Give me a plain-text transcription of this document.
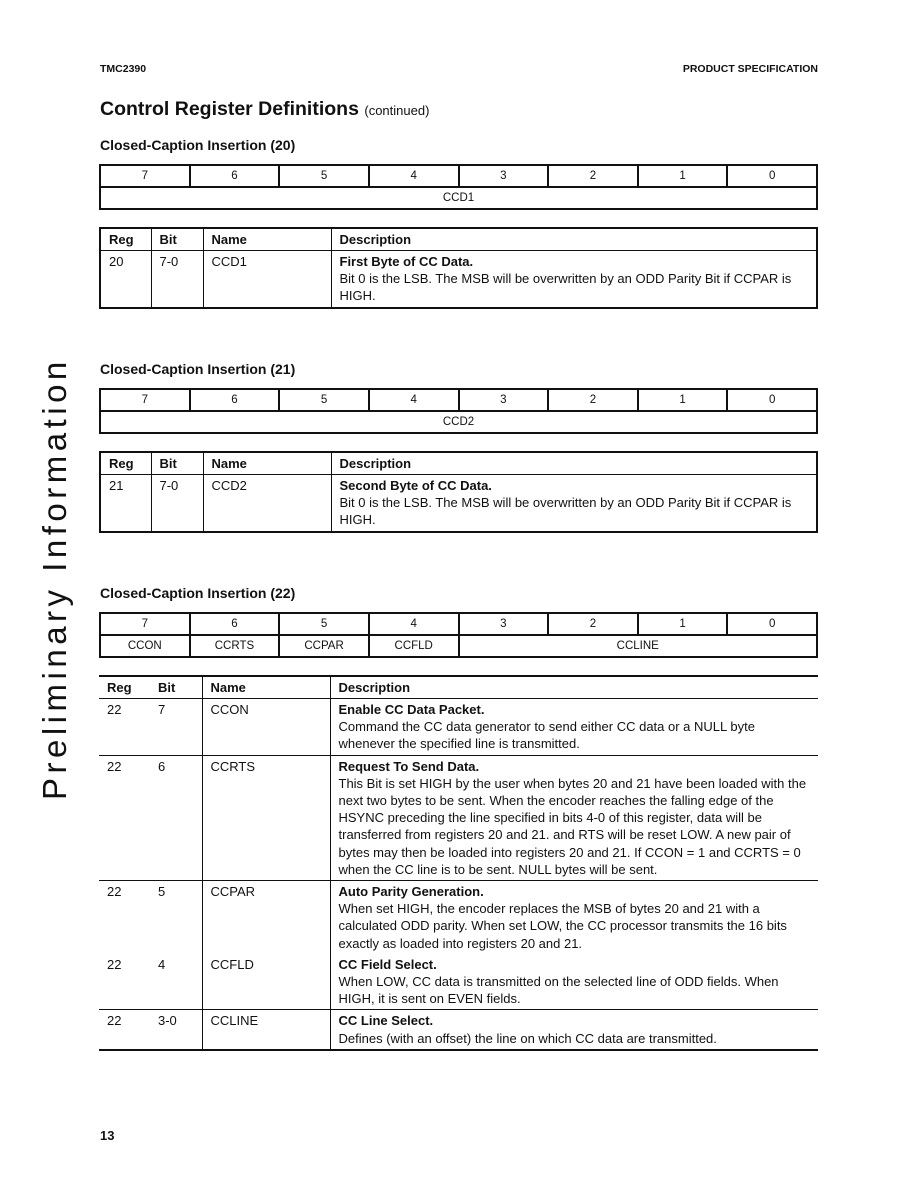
TMC2390	PRODUCT SPECIFICATION
Control Register Definitions (continued)
Preliminary Information
Closed-Caption Insertion (20)
7	6	5	4	3	2	1	0
CCD1
Reg	Bit	Name	Description
20	7-0	CCD1	First Byte of CC Data.
Bit 0 is the LSB. The MSB will be overwritten by an ODD Parity Bit if CCPAR is HIGH.
Closed-Caption Insertion (21)
7	6	5	4	3	2	1	0
CCD2
Reg	Bit	Name	Description
21	7-0	CCD2	Second Byte of CC Data.
Bit 0 is the LSB. The MSB will be overwritten by an ODD Parity Bit if CCPAR is HIGH.
Closed-Caption Insertion (22)
7	6	5	4	3	2	1	0
CCON	CCRTS	CCPAR	CCFLD	CCLINE			
Reg	Bit	Name	Description
22	7	CCON	Enable CC Data Packet.
Command the CC data generator to send either CC data or a NULL byte whenever the specified line is transmitted.

22	6	CCRTS	Request To Send Data.
This Bit is set HIGH by the user when bytes 20 and 21 have been loaded with the next two bytes to be sent. When the encoder reaches the falling edge of the HSYNC preceding the line specified in bits 4-0 of this register, data will be transferred from registers 20 and 21. and RTS will be reset LOW. A new pair of bytes may then be loaded into registers 20 and 21. If CCON = 1 and CCRTS = 0 when the CC line is to be sent. NULL bytes will be sent.

22	5	CCPAR	Auto Parity Generation.
When set HIGH, the encoder replaces the MSB of bytes 20 and 21 with a calculated ODD parity. When set LOW, the CC processor transmits the 16 bits exactly as loaded into registers 20 and 21.

22	4	CCFLD	CC Field Select.
When LOW, CC data is transmitted on the selected line of ODD fields. When HIGH, it is sent on EVEN fields.

22	3-0	CCLINE	CC Line Select.
Defines (with an offset) the line on which CC data are transmitted.
13
